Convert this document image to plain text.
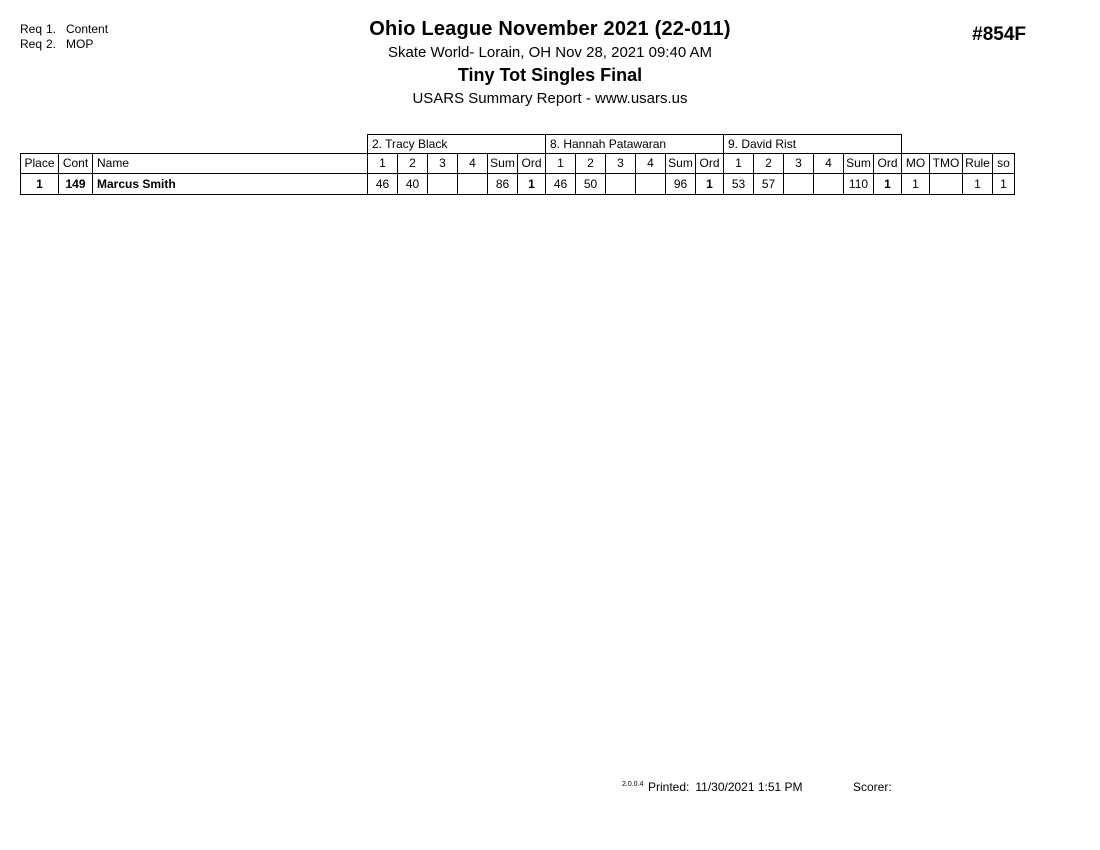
Req 1. Content
Req 2. MOP
Ohio League November 2021 (22-011)
Skate World- Lorain, OH Nov 28, 2021 09:40 AM
Tiny Tot Singles Final
USARS Summary Report - www.usars.us
#854F
			2. Tracy Black						8. Hannah Patawaran						9. David Rist									
Place	Cont	Name	1	2	3	4	Sum	Ord	1	2	3	4	Sum	Ord	1	2	3	4	Sum	Ord	MO	TMO	Rule	so
1	149	Marcus Smith	46	40			86	1	46	50			96	1	53	57			110	1	1		1	1
2.0.0.4 Printed: 11/30/2021 1:51 PM	Scorer:
